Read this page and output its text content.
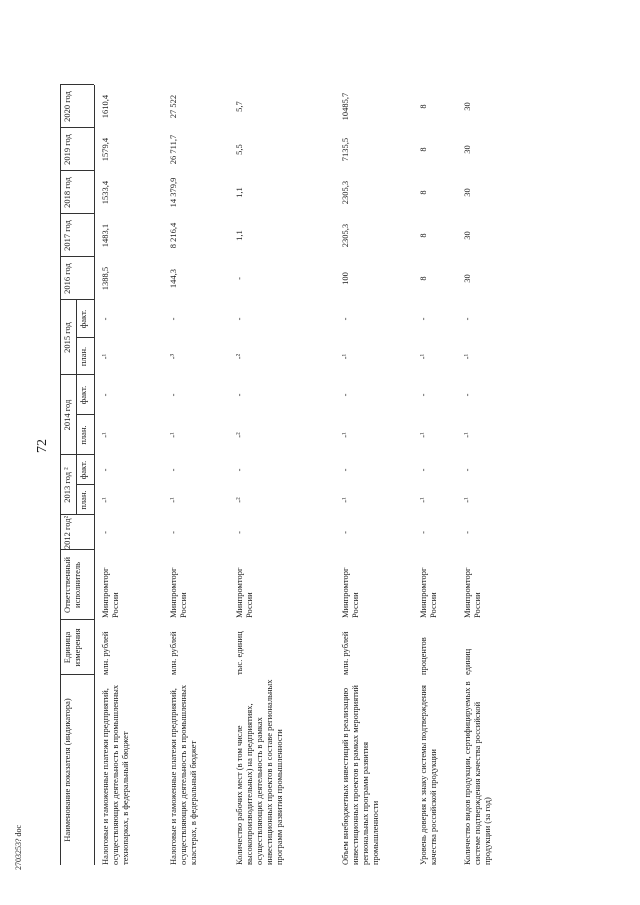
72
2703253? doc
Наименование показателя (индикатора)
Единица измерения
Ответственный исполнитель
2012 год²
2013 год ² план.
факт.
2014 год
план.
факт.
2015 год
план.
факт.
2016 год
2017 год
2018 год
2019 год
2020 год
Налоговые и таможенные платежи предприятий, осуществляющих деятельность в промышленных технопарках, в федеральный бюджет
млн. рублей
Минпромторг России
-
-¹
-
-¹
-
-¹
-
1388,5
1483,1
1533,4
1579,4
1610,4
Налоговые и таможенные платежи предприятий, осуществляющих деятельность в промышленных кластерах, в федеральный бюджет
млн. рублей
Минпромторг России
-
-¹
-
-¹
-
-³
-
144,3
8 216,4
14 379,9
26 711,7
27 522
Количество рабочих мест (в том числе высокопроизводительных) на предприятиях, осуществляющих деятельность в рамках инвестиционных проектов в составе региональных программ развития промышленности
тыс. единиц
Минпромторг России
-
-²
-
-²
-
-²
-
-
1,1
1,1
5,5
5,7
Объем внебюджетных инвестиций в реализацию инвестиционных проектов в рамках мероприятий региональных программ развития промышленности
млн. рублей
Минпромторг России
-
-¹
-
-¹
-
-¹
-
100
2305,3
2305,3
7135,5
10485,7
Уровень доверия к знаку системы подтверждения качества российской продукции
процентов
Минпромторг России
-
-¹
-
-¹
-
-¹
-
8
8
8
8
8
Количество видов продукции, сертифицируемых в системе подтверждения качества российской продукции (за год)
единиц
Минпромторг России
-
-¹
-
-¹
-
-¹
-
30
30
30
30
30
